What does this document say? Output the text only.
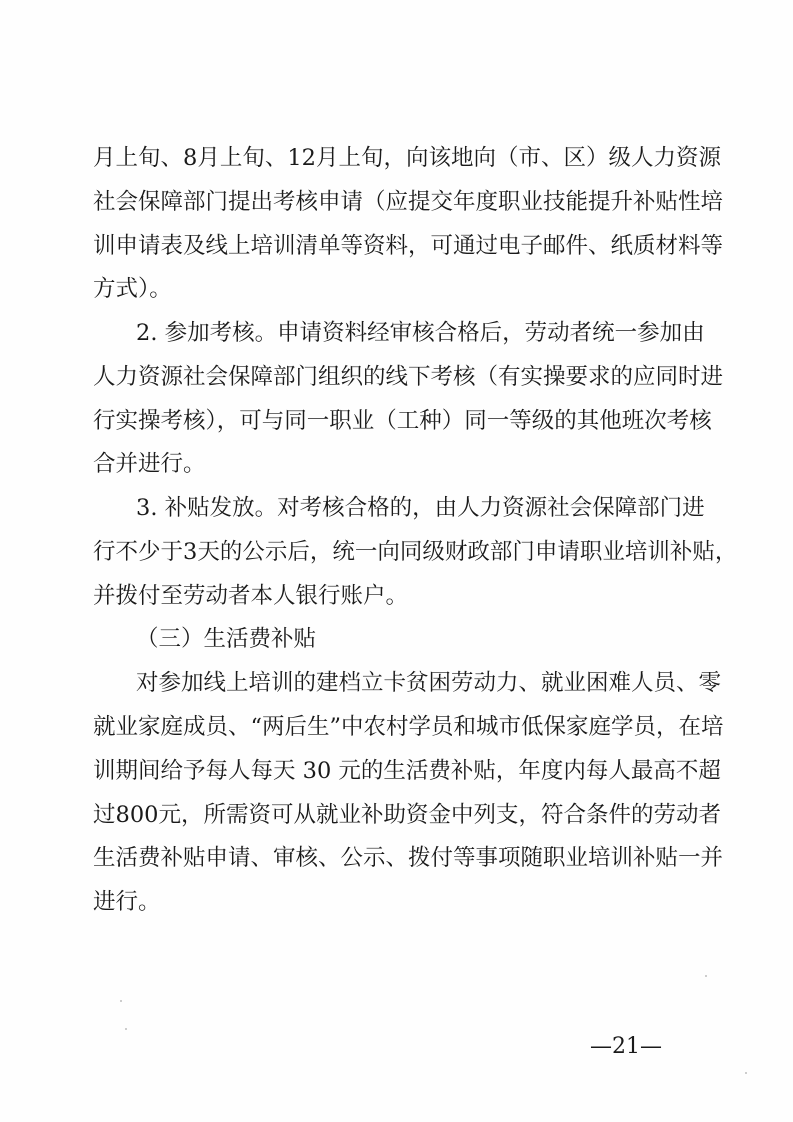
月上旬、8月上旬、12月上旬，向该地向（市、区）级人力资源
社会保障部门提出考核申请（应提交年度职业技能提升补贴性培
训申请表及线上培训清单等资料，可通过电子邮件、纸质材料等
方式）。
2. 参加考核。申请资料经审核合格后，劳动者统一参加由
人力资源社会保障部门组织的线下考核（有实操要求的应同时进
行实操考核），可与同一职业（工种）同一等级的其他班次考核
合并进行。
3. 补贴发放。对考核合格的，由人力资源社会保障部门进
行不少于3天的公示后，统一向同级财政部门申请职业培训补贴，
并拨付至劳动者本人银行账户。
（三）生活费补贴
对参加线上培训的建档立卡贫困劳动力、就业困难人员、零
就业家庭成员、“两后生”中农村学员和城市低保家庭学员，在培
训期间给予每人每天 30 元的生活费补贴，年度内每人最高不超
过800元，所需资可从就业补助资金中列支，符合条件的劳动者
生活费补贴申请、审核、公示、拨付等事项随职业培训补贴一并
进行。
—21—
